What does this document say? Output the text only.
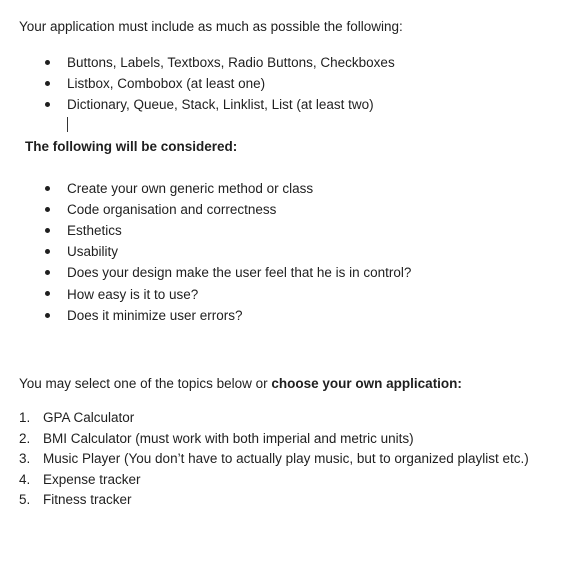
Your application must include as much as possible the following:
Buttons, Labels, Textboxs, Radio Buttons, Checkboxes
Listbox, Combobox (at least one)
Dictionary, Queue, Stack, Linklist, List (at least two)
The following will be considered:
Create your own generic method or class
Code organisation and correctness
Esthetics
Usability
Does your design make the user feel that he is in control?
How easy is it to use?
Does it minimize user errors?
You may select one of the topics below or choose your own application:
1. GPA Calculator
2. BMI Calculator (must work with both imperial and metric units)
3. Music Player (You don’t have to actually play music, but to organized playlist etc.)
4. Expense tracker
5. Fitness tracker
